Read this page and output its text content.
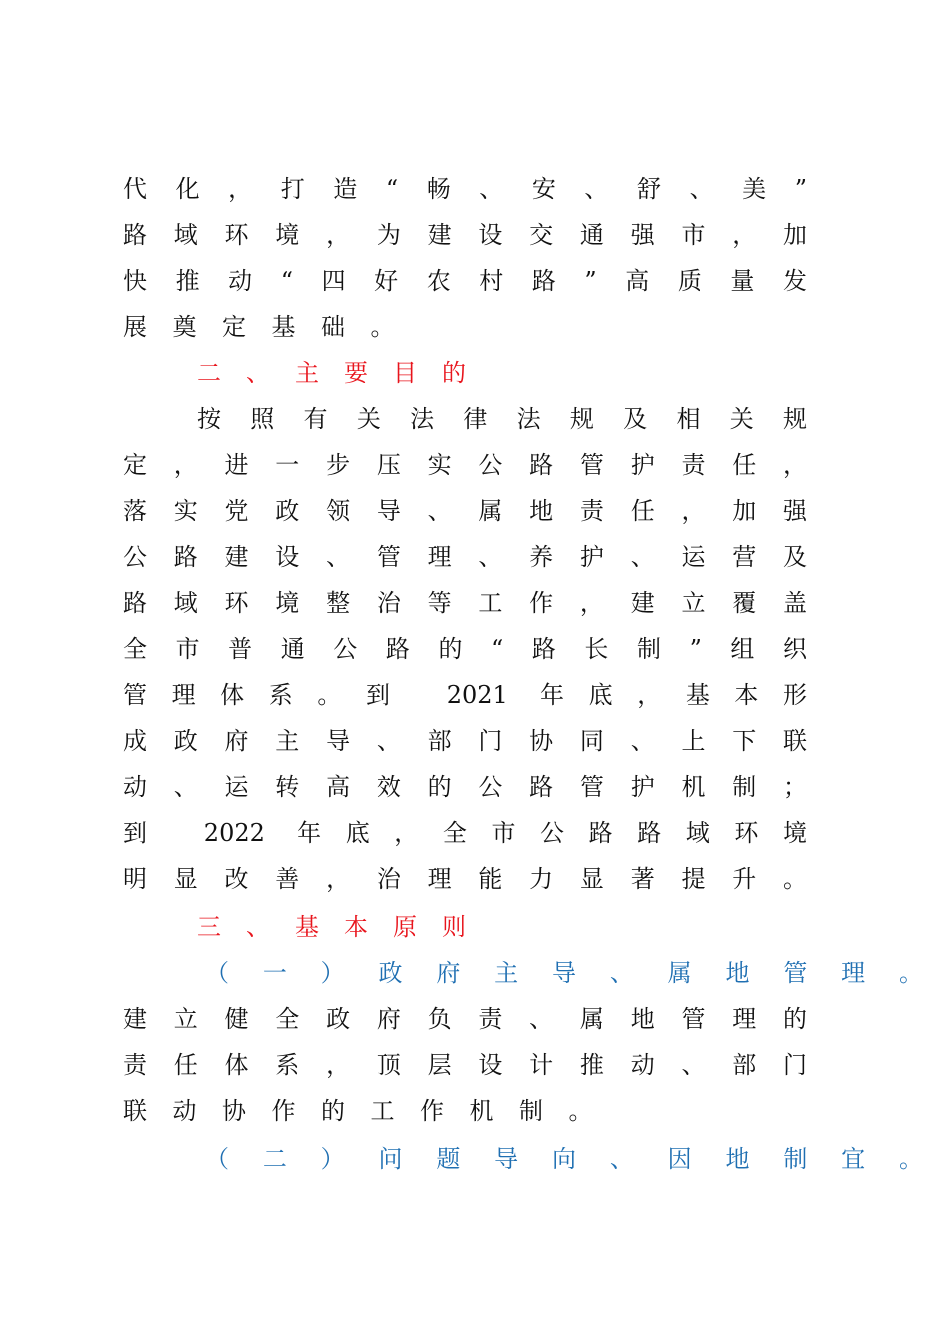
代化，打造“畅、安、舒、美”
路域环境，为建设交通强市，加
快推动“四好农村路”高质量发
展奠定基础。
二、主要目的
按照有关法律法规及相关规
定，进一步压实公路管护责任，
落实党政领导、属地责任，加强
公路建设、管理、养护、运营及
路域环境整治等工作，建立覆盖
全市普通公路的“路长制”组织
管理体系。到 2021 年底，基本形
成政府主导、部门协同、上下联
动、运转高效的公路管护机制；
到 2022 年底，全市公路路域环境
明显改善，治理能力显著提升。
三、基本原则
（一）政府主导、属地管理。
建立健全政府负责、属地管理的
责任体系，顶层设计推动、部门
联动协作的工作机制。
（二）问题导向、因地制宜。
